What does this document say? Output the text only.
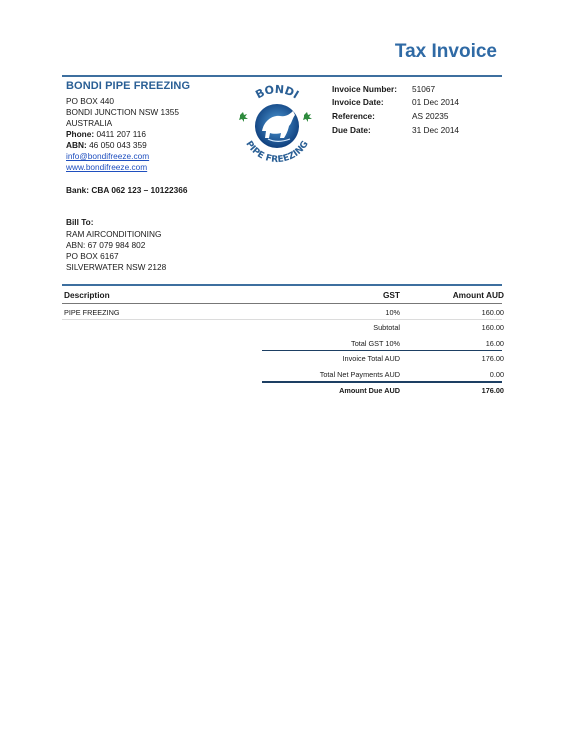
Tax Invoice
BONDI PIPE FREEZING
PO BOX 440
BONDI JUNCTION NSW 1355
AUSTRALIA
Phone: 0411 207 116
ABN: 46 050 043 359
info@bondifreeze.com
www.bondifreeze.com
Bank: CBA 062 123 – 10122366
BONDI
PIPE FREEZING
Invoice Number: 51067
Invoice Date:	01 Dec 2014
Reference:	AS 20235
Due Date:	31 Dec 2014
Bill To:
RAM AIRCONDITIONING
ABN: 67 079 984 802
PO BOX 6167
SILVERWATER NSW 2128
Description	GST	Amount AUD
PIPE FREEZING	10%	160.00
Subtotal	160.00
Total GST 10%	16.00
Invoice Total AUD	176.00
Total Net Payments AUD	0.00
Amount Due AUD	176.00
